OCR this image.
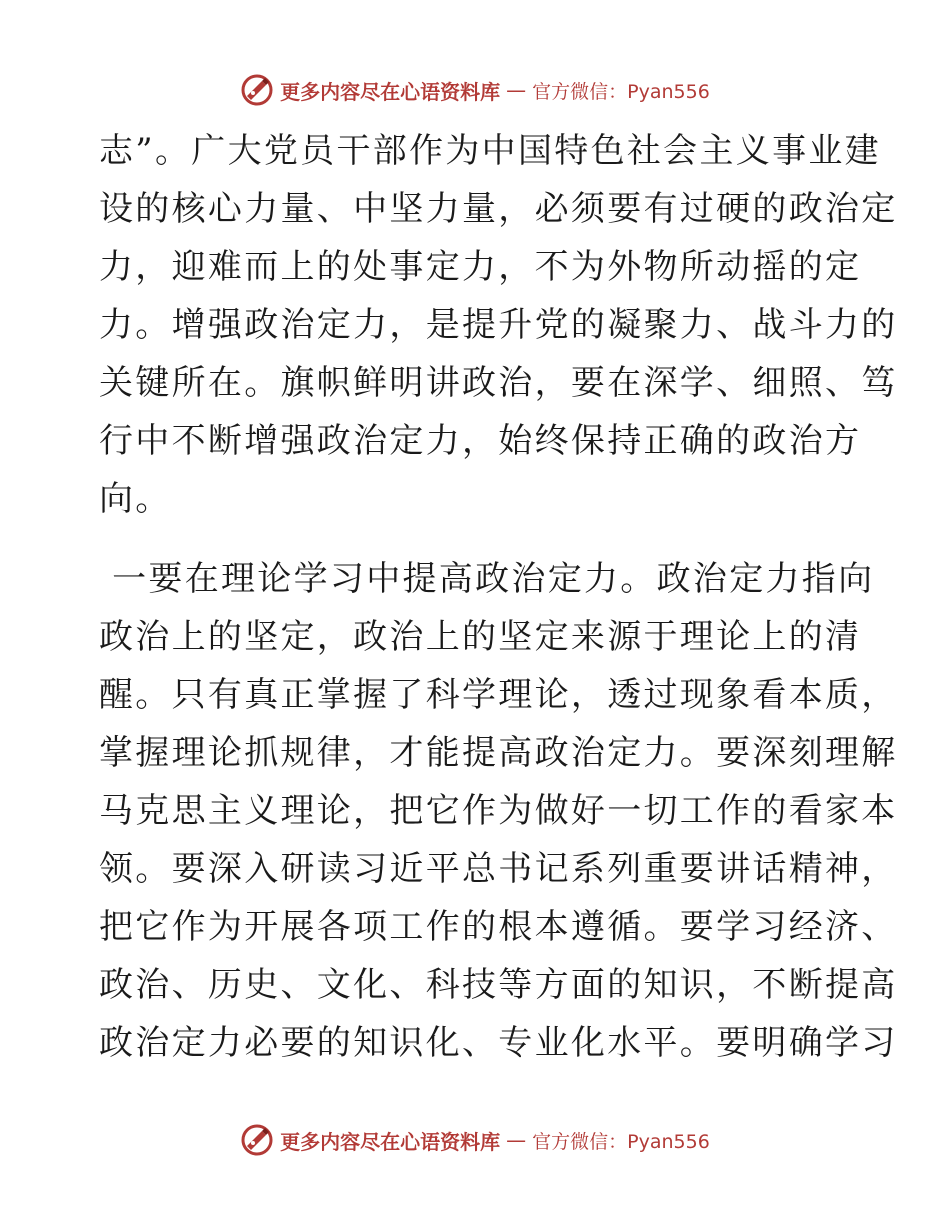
更多内容尽在心语资料库 — 官方微信：Pyan556
志”。广大党员干部作为中国特色社会主义事业建
设的核心力量、中坚力量，必须要有过硬的政治定
力，迎难而上的处事定力，不为外物所动摇的定
力。增强政治定力，是提升党的凝聚力、战斗力的
关键所在。旗帜鲜明讲政治，要在深学、细照、笃
行中不断增强政治定力，始终保持正确的政治方
向。
一要在理论学习中提高政治定力。政治定力指向
政治上的坚定，政治上的坚定来源于理论上的清
醒。只有真正掌握了科学理论，透过现象看本质，
掌握理论抓规律，才能提高政治定力。要深刻理解
马克思主义理论，把它作为做好一切工作的看家本
领。要深入研读习近平总书记系列重要讲话精神，
把它作为开展各项工作的根本遵循。要学习经济、
政治、历史、文化、科技等方面的知识，不断提高
政治定力必要的知识化、专业化水平。要明确学习
更多内容尽在心语资料库 — 官方微信：Pyan556
